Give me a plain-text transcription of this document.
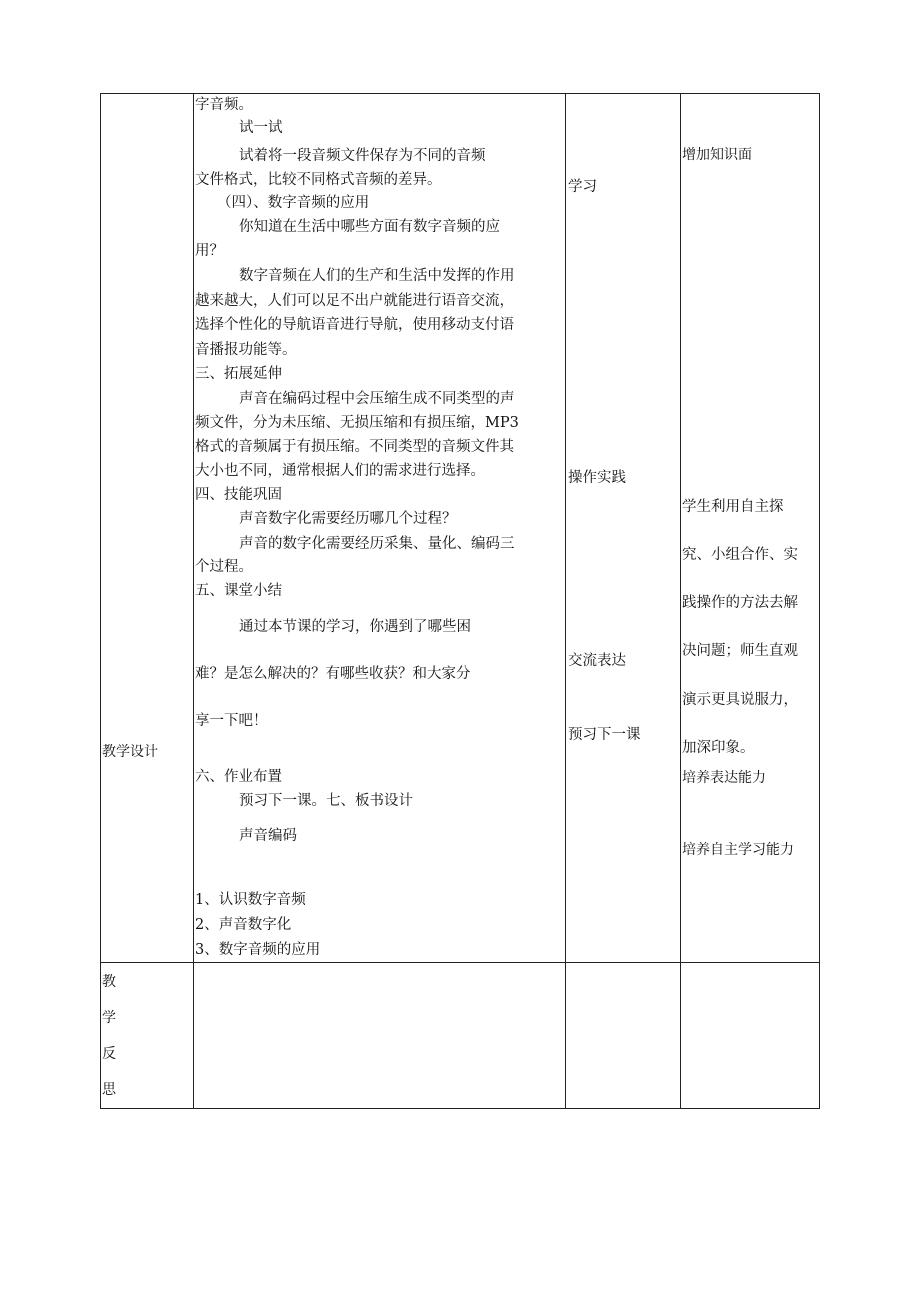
教学设计
教
学
反
思
字音频。
试一试
试着将一段音频文件保存为不同的音频
文件格式，比较不同格式音频的差异。
（四）、数字音频的应用
你知道在生活中哪些方面有数字音频的应
用？
数字音频在人们的生产和生活中发挥的作用
越来越大，人们可以足不出户就能进行语音交流，
选择个性化的导航语音进行导航，使用移动支付语
音播报功能等。
三、拓展延伸
声音在编码过程中会压缩生成不同类型的声
频文件，分为未压缩、无损压缩和有损压缩，MP3
格式的音频属于有损压缩。不同类型的音频文件其
大小也不同，通常根据人们的需求进行选择。
四、技能巩固
声音数字化需要经历哪几个过程？
声音的数字化需要经历采集、量化、编码三
个过程。
五、课堂小结
通过本节课的学习，你遇到了哪些困
难？是怎么解决的？有哪些收获？和大家分
享一下吧！
六、作业布置
预习下一课。七、板书设计
声音编码
1、认识数字音频
2、声音数字化
3、数字音频的应用
学习
操作实践
交流表达
预习下一课
增加知识面
学生利用自主探
究、小组合作、实
践操作的方法去解
决问题；师生直观
演示更具说服力，
加深印象。
培养表达能力
培养自主学习能力
